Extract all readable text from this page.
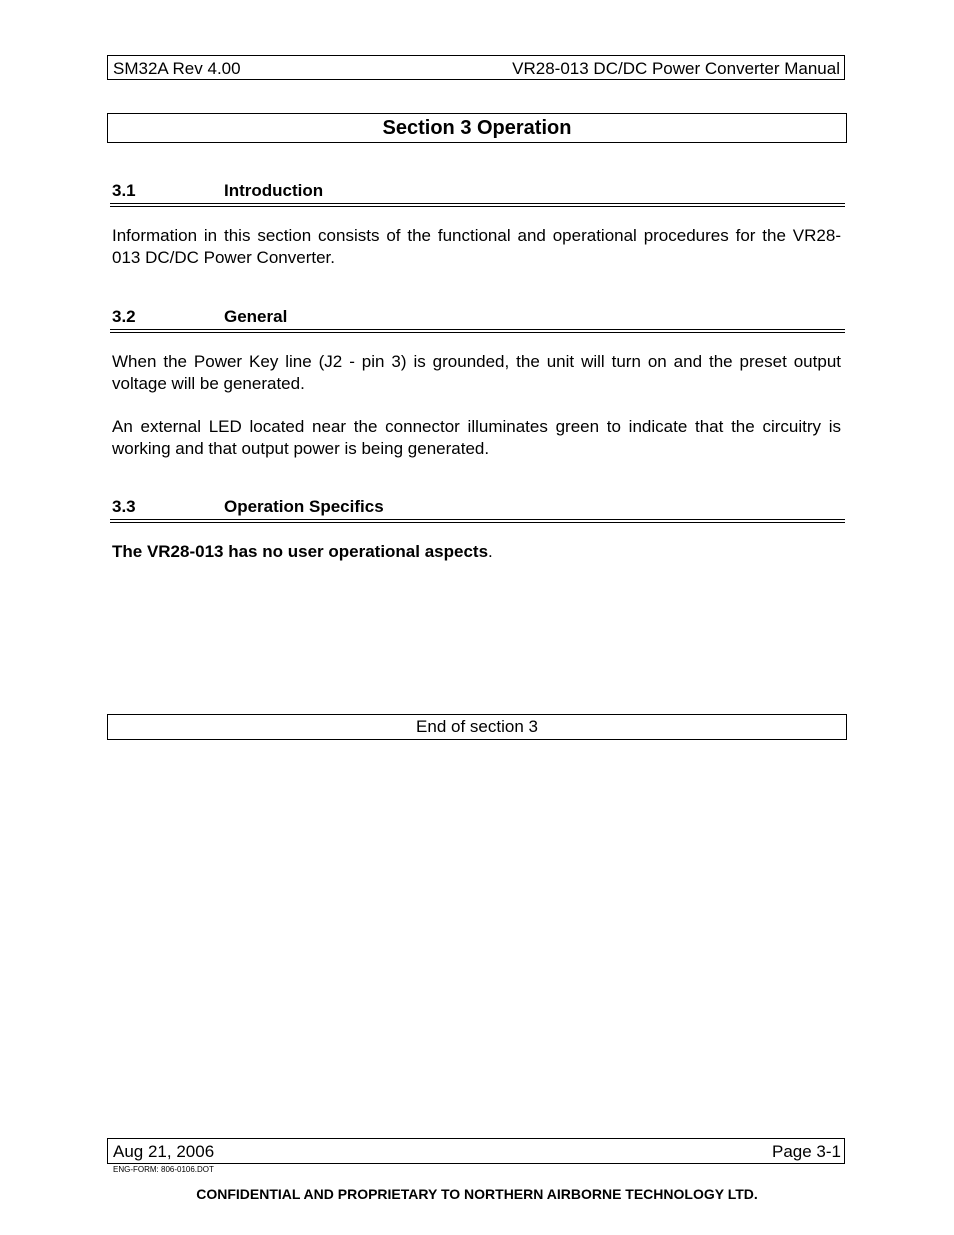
SM32A Rev 4.00	VR28-013 DC/DC Power Converter Manual
Section 3 Operation
3.1	Introduction

Information in this section consists of the functional and operational procedures for the VR28-013 DC/DC Power Converter.

3.2	General

When the Power Key line (J2 - pin 3) is grounded, the unit will turn on and the preset output voltage will be generated.

An external LED located near the connector illuminates green to indicate that the circuitry is working and that output power is being generated.

3.3	Operation Specifics

The VR28-013 has no user operational aspects.

End of section 3
Aug 21, 2006	Page 3-1
ENG-FORM: 806-0106.DOT
CONFIDENTIAL AND PROPRIETARY TO NORTHERN AIRBORNE TECHNOLOGY LTD.
